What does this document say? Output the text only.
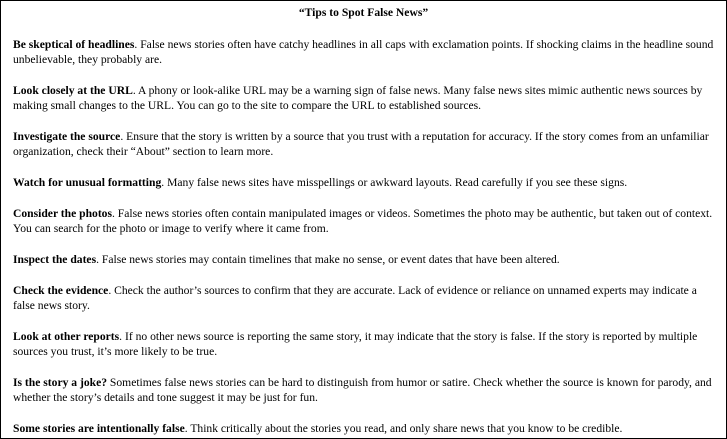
“Tips to Spot False News”

Be skeptical of headlines. False news stories often have catchy headlines in all caps with exclamation points. If shocking claims in the headline sound unbelievable, they probably are.

Look closely at the URL. A phony or look-alike URL may be a warning sign of false news. Many false news sites mimic authentic news sources by making small changes to the URL. You can go to the site to compare the URL to established sources.

Investigate the source. Ensure that the story is written by a source that you trust with a reputation for accuracy. If the story comes from an unfamiliar organization, check their “About” section to learn more.

Watch for unusual formatting. Many false news sites have misspellings or awkward layouts. Read carefully if you see these signs.

Consider the photos. False news stories often contain manipulated images or videos. Sometimes the photo may be authentic, but taken out of context. You can search for the photo or image to verify where it came from.

Inspect the dates. False news stories may contain timelines that make no sense, or event dates that have been altered.

Check the evidence. Check the author’s sources to confirm that they are accurate. Lack of evidence or reliance on unnamed experts may indicate a false news story.

Look at other reports. If no other news source is reporting the same story, it may indicate that the story is false. If the story is reported by multiple sources you trust, it’s more likely to be true.

Is the story a joke? Sometimes false news stories can be hard to distinguish from humor or satire. Check whether the source is known for parody, and whether the story’s details and tone suggest it may be just for fun.

Some stories are intentionally false. Think critically about the stories you read, and only share news that you know to be credible.
